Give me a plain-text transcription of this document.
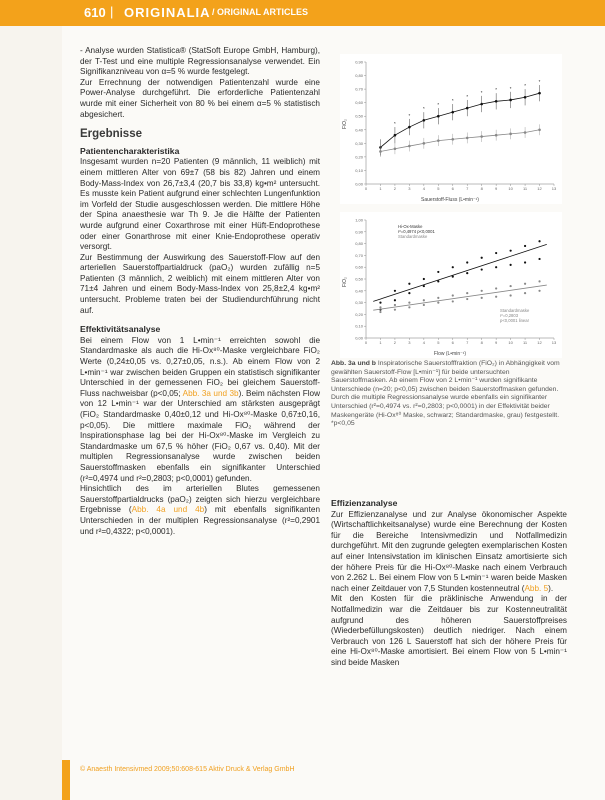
610 | ORIGINALIA / ORIGINAL ARTICLES

- Analyse wurden Statistica® (StatSoft Europe GmbH, Hamburg), der T-Test und eine multiple Regressionsanalyse verwendet. Ein Signifikanzniveau von α=5 % wurde festgelegt.

Zur Errechnung der notwendigen Patientenzahl wurde eine Power-Analyse durchgeführt. Die erforderliche Patientenzahl wurde mit einer Sicherheit von 80 % bei einem α=5 % statistisch abgesichert.

Ergebnisse
Patientencharakteristika

Insgesamt wurden n=20 Patienten (9 männlich, 11 weiblich) mit einem mittleren Alter von 69±7 (58 bis 82) Jahren und einem Body-Mass-Index von 26,7±3,4 (20,7 bis 33,8) kg•m² untersucht. Es musste kein Patient aufgrund einer schlechten Lungenfunktion im Vorfeld der Studie ausgeschlossen werden. Die mittlere Höhe der Spina anaesthesie war Th 9. Je die Hälfte der Patienten wurde aufgrund einer Coxarthrose mit einer Hüft-Endoprothese oder einer Gonarthrose mit einer Knie-Endoprothese operativ versorgt.

Zur Bestimmung der Auswirkung des Sauerstoff-Flow auf den arteriellen Sauerstoffpartialdruck (paO₂) wurden zufällig n=5 Patienten (3 männlich, 2 weiblich) mit einem mittleren Alter von 71±4 Jahren und einem Body-Mass-Index von 25,8±2,4 kg•m² untersucht. Probleme traten bei der Studiendurchführung nicht auf.

Effektivitätsanalyse

Bei einem Flow von 1 L•min⁻¹ erreichten sowohl die Standardmaske als auch die Hi-Ox⁸⁰-Maske vergleichbare FiO₂ Werte (0,24±0,05 vs. 0,27±0,05, n.s.). Ab einem Flow von 2 L•min⁻¹ war zwischen beiden Gruppen ein statistisch signifikanter Unterschied in der gemessenen FiO₂ bei gleichem Sauerstoff-Fluss nachweisbar (p<0,05; Abb. 3a und 3b). Beim nächsten Flow von 12 L•min⁻¹ war der Unterschied am stärksten ausgeprägt (FiO₂ Standardmaske 0,40±0,12 und Hi-Ox⁸⁰-Maske 0,67±0,16, p<0,05). Die mittlere maximale FiO₂ während der Inspirationsphase lag bei der Hi-Ox⁸⁰-Maske im Vergleich zu Standardmaske um 67,5 % höher (FiO₂ 0,67 vs. 0,40). Mit der multiplen Regressionsanalyse wurde zwischen beiden Sauerstoffmasken ebenfalls ein signifikanter Unterschied (r²=0,4974 und r²=0,2803; p<0,0001) gefunden.

Hinsichtlich des im arteriellen Blutes gemessenen Sauerstoffpartialdrucks (paO₂) zeigten sich hierzu vergleichbare Ergebnisse (Abb. 4a und 4b) mit ebenfalls signifikanten Unterschieden in der multiplen Regressionsanalyse (r²=0,2901 und r²=0,4322; p<0,0001).

0,00
0,10
0,20
0,30
0,40
0,50
0,60
0,70
0,80
0,90
0	1	2	3	4	5	6	7	8	9	10	11	12	13
*
*
*
*
*
*
*
*	*
*
*
Sauerstoff-Fluss (L•min⁻¹)
FiO₂
0,00
0,10
0,20
0,30
0,40
0,50
0,60
0,70
0,80
0,90
1,00
0	1	2	3	4	5	6	7	8	9	10	11	12	13
Hi-Ox-Maske
r²=0,4974 p<0,0001
Standardmaske
Standardmaske
r²=0,2803
p<0,0001 linear
Flow (L•min⁻¹)
FiO₂
Abb. 3a und b Inspiratorische Sauerstofffraktion (FiO₂) in Abhängigkeit vom gewählten Sauerstoff-Flow [L•min⁻¹] für beide untersuchten Sauerstoffmasken. Ab einem Flow von 2 L•min⁻¹ wurden signifikante Unterschiede (n=20; p<0,05) zwischen beiden Sauerstoffmasken gefunden. Durch die multiple Regressionsanalyse wurde ebenfalls ein signifikanter Unterschied (r²=0,4974 vs. r²=0,2803; p<0,0001) in der Effektivität beider Maskengeräte (Hi-Ox⁸⁰ Maske, schwarz; Standardmaske, grau) festgestellt. *p<0,05
Effizienzanalyse

Zur Effizienzanalyse und zur Analyse ökonomischer Aspekte (Wirtschaftlichkeitsanalyse) wurde eine Berechnung der Kosten für die Bereiche Intensivmedizin und Notfallmedizin durchgeführt. Mit den zugrunde gelegten exemplarischen Kosten auf einer Intensivstation im klinischen Einsatz amortisierte sich der höhere Preis für die Hi-Ox⁸⁰-Maske nach einem Verbrauch von 2.262 L. Bei einem Flow von 5 L•min⁻¹ waren beide Masken nach einer Zeitdauer von 7,5 Stunden kostenneutral (Abb. 5).

Mit den Kosten für die präklinische Anwendung in der Notfallmedizin war die Zeitdauer bis zur Kostenneutralität aufgrund des höheren Sauerstoffpreises (Wiederbefüllungskosten) deutlich niedriger. Nach einem Verbrauch von 126 L Sauerstoff hat sich der höhere Preis für eine Hi-Ox⁸⁰-Maske amortisiert. Bei einem Flow von 5 L•min⁻¹ sind beide Masken

© Anaesth Intensivmed 2009;50:608-615 Aktiv Druck & Verlag GmbH
